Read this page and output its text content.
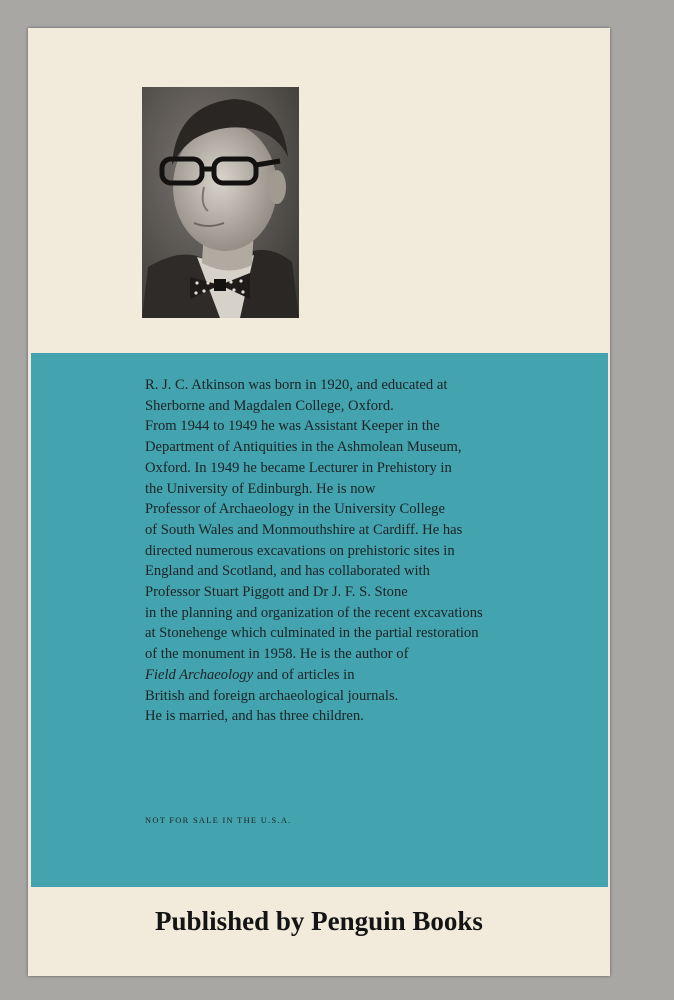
R. J. C. Atkinson was born in 1920, and educated at

Sherborne and Magdalen College, Oxford.

From 1944 to 1949 he was Assistant Keeper in the

Department of Antiquities in the Ashmolean Museum,

Oxford. In 1949 he became Lecturer in Prehistory in

the University of Edinburgh. He is now

Professor of Archaeology in the University College

of South Wales and Monmouthshire at Cardiff. He has

directed numerous excavations on prehistoric sites in

England and Scotland, and has collaborated with

Professor Stuart Piggott and Dr J. F. S. Stone

in the planning and organization of the recent excavations

at Stonehenge which culminated in the partial restoration

of the monument in 1958. He is the author of

Field Archaeology and of articles in

British and foreign archaeological journals.

He is married, and has three children.

NOT FOR SALE IN THE U.S.A.
Published by Penguin Books
